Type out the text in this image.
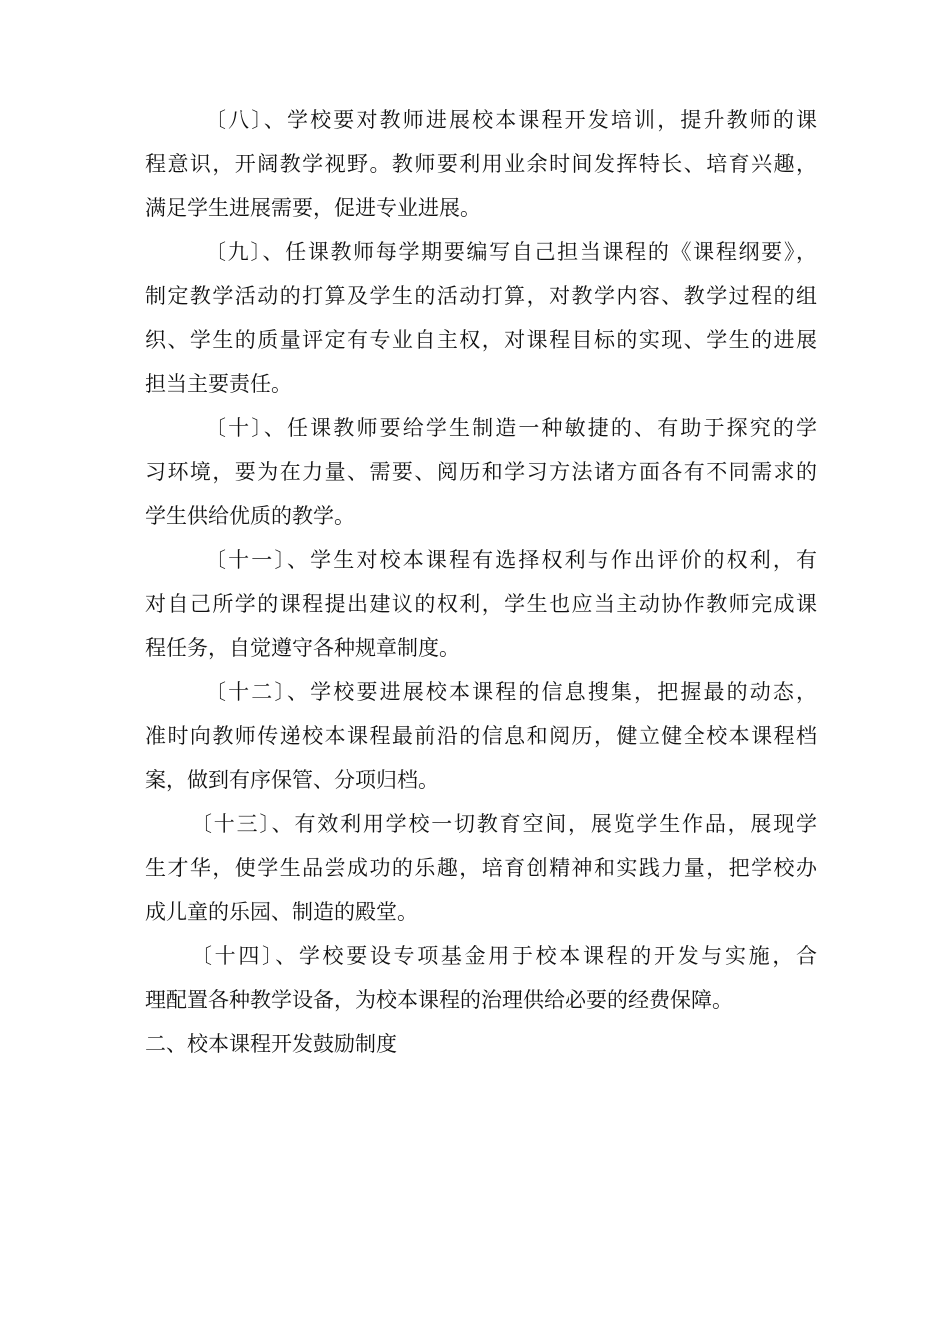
〔八〕、学校要对教师进展校本课程开发培训，提升教师的课
程意识，开阔教学视野。教师要利用业余时间发挥特长、培育兴趣，
满足学生进展需要，促进专业进展。
〔九〕、任课教师每学期要编写自己担当课程的《课程纲要》，
制定教学活动的打算及学生的活动打算，对教学内容、教学过程的组
织、学生的质量评定有专业自主权，对课程目标的实现、学生的进展
担当主要责任。
〔十〕、任课教师要给学生制造一种敏捷的、有助于探究的学
习环境，要为在力量、需要、阅历和学习方法诸方面各有不同需求的
学生供给优质的教学。
〔十一〕、学生对校本课程有选择权利与作出评价的权利，有
对自己所学的课程提出建议的权利，学生也应当主动协作教师完成课
程任务，自觉遵守各种规章制度。
〔十二〕、学校要进展校本课程的信息搜集，把握最的动态，
准时向教师传递校本课程最前沿的信息和阅历，健立健全校本课程档
案，做到有序保管、分项归档。
〔十三〕、有效利用学校一切教育空间，展览学生作品，展现学
生才华，使学生品尝成功的乐趣，培育创精神和实践力量，把学校办
成儿童的乐园、制造的殿堂。
〔十四〕、学校要设专项基金用于校本课程的开发与实施，合
理配置各种教学设备，为校本课程的治理供给必要的经费保障。
二、校本课程开发鼓励制度
